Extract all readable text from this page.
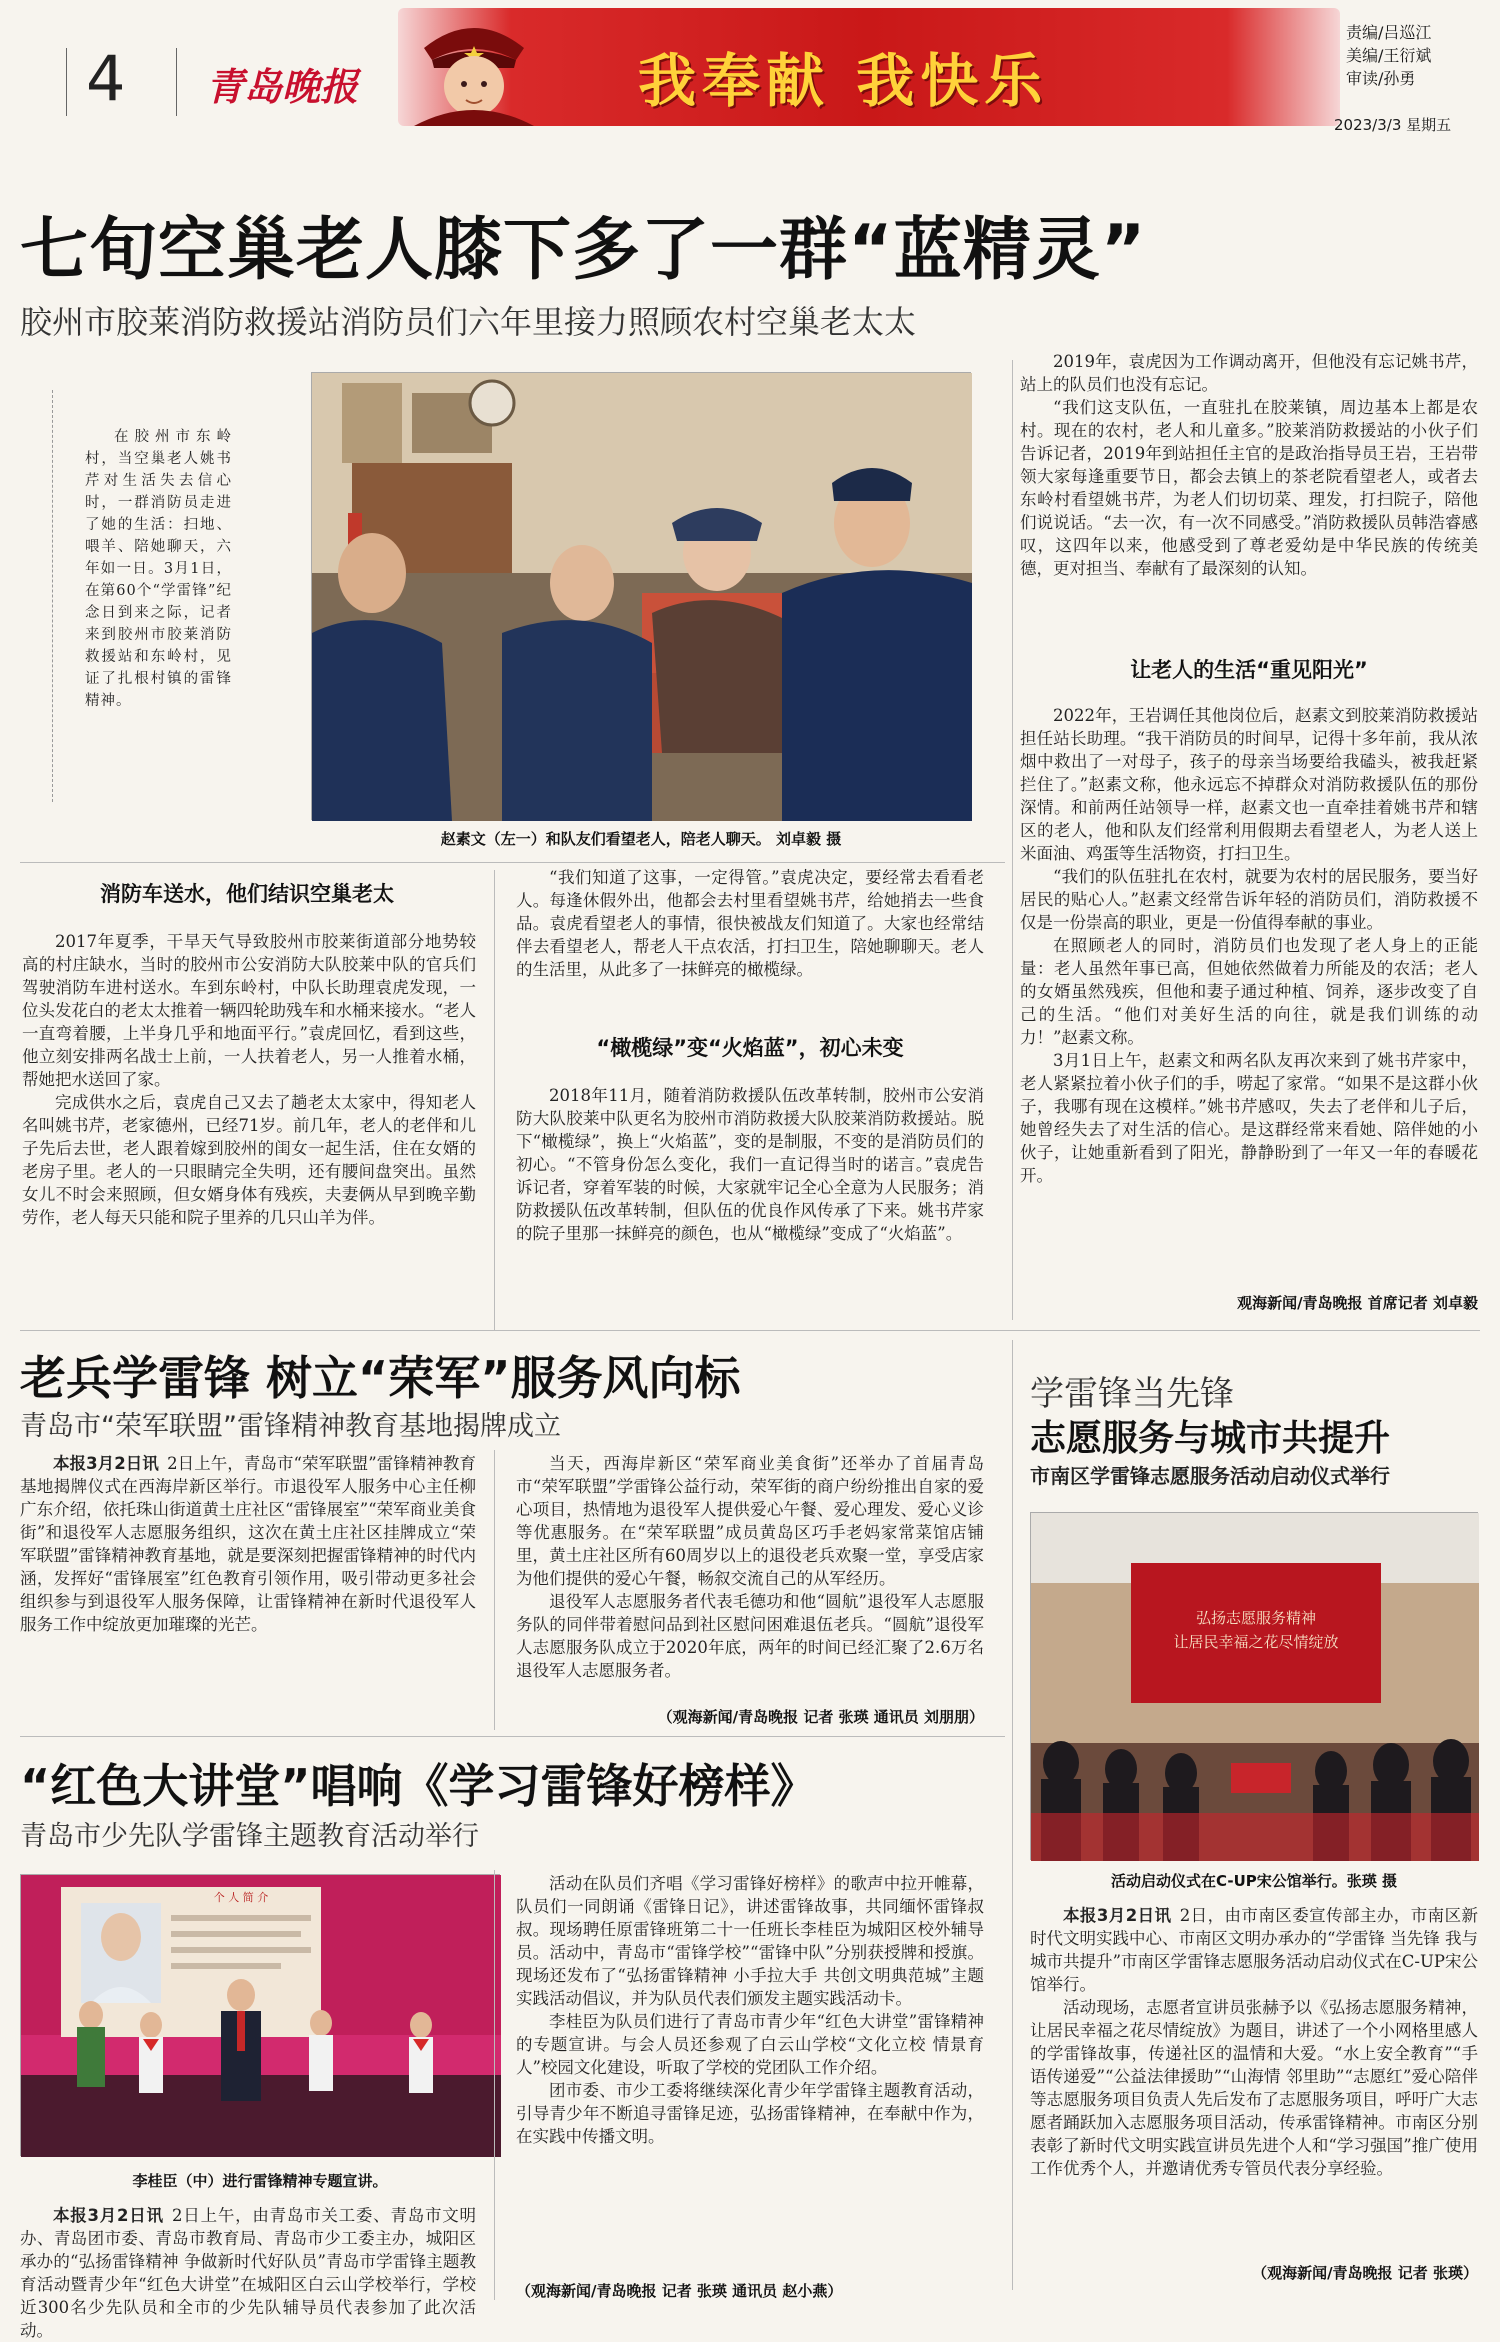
4 青岛晚报	我奉献 我快乐
责编/吕巡江
美编/王衍斌
审读/孙勇
2023/3/3 星期五
七旬空巢老人膝下多了一群“蓝精灵”
胶州市胶莱消防救援站消防员们六年里接力照顾农村空巢老太太
在胶州市东岭村，当空巢老人姚书芹对生活失去信心时，一群消防员走进了她的生活：扫地、喂羊、陪她聊天，六年如一日。3月1日，在第60个“学雷锋”纪念日到来之际，记者来到胶州市胶莱消防救援站和东岭村，见证了扎根村镇的雷锋精神。
赵素文（左一）和队友们看望老人，陪老人聊天。 刘卓毅 摄
消防车送水，他们结识空巢老太

2017年夏季，干旱天气导致胶州市胶莱街道部分地势较高的村庄缺水，当时的胶州市公安消防大队胶莱中队的官兵们驾驶消防车进村送水。车到东岭村，中队长助理袁虎发现，一位头发花白的老太太推着一辆四轮助残车和水桶来接水。“老人一直弯着腰，上半身几乎和地面平行。”袁虎回忆，看到这些，他立刻安排两名战士上前，一人扶着老人，另一人推着水桶，帮她把水送回了家。

完成供水之后，袁虎自己又去了趟老太太家中，得知老人名叫姚书芹，老家德州，已经71岁。前几年，老人的老伴和儿子先后去世，老人跟着嫁到胶州的闺女一起生活，住在女婿的老房子里。老人的一只眼睛完全失明，还有腰间盘突出。虽然女儿不时会来照顾，但女婿身体有残疾，夫妻俩从早到晚辛勤劳作，老人每天只能和院子里养的几只山羊为伴。

“我们知道了这事，一定得管。”袁虎决定，要经常去看看老人。每逢休假外出，他都会去村里看望姚书芹，给她捎去一些食品。袁虎看望老人的事情，很快被战友们知道了。大家也经常结伴去看望老人，帮老人干点农活，打扫卫生，陪她聊聊天。老人的生活里，从此多了一抹鲜亮的橄榄绿。

“橄榄绿”变“火焰蓝”，初心未变

2018年11月，随着消防救援队伍改革转制，胶州市公安消防大队胶莱中队更名为胶州市消防救援大队胶莱消防救援站。脱下“橄榄绿”，换上“火焰蓝”，变的是制服，不变的是消防员们的初心。“不管身份怎么变化，我们一直记得当时的诺言。”袁虎告诉记者，穿着军装的时候，大家就牢记全心全意为人民服务；消防救援队伍改革转制，但队伍的优良作风传承了下来。姚书芹家的院子里那一抹鲜亮的颜色，也从“橄榄绿”变成了“火焰蓝”。

2019年，袁虎因为工作调动离开，但他没有忘记姚书芹，站上的队员们也没有忘记。

“我们这支队伍，一直驻扎在胶莱镇，周边基本上都是农村。现在的农村，老人和儿童多。”胶莱消防救援站的小伙子们告诉记者，2019年到站担任主官的是政治指导员王岩，王岩带领大家每逢重要节日，都会去镇上的茶老院看望老人，或者去东岭村看望姚书芹，为老人们切切菜、理发，打扫院子，陪他们说说话。“去一次，有一次不同感受。”消防救援队员韩浩睿感叹，这四年以来，他感受到了尊老爱幼是中华民族的传统美德，更对担当、奉献有了最深刻的认知。

让老人的生活“重见阳光”

2022年，王岩调任其他岗位后，赵素文到胶莱消防救援站担任站长助理。“我干消防员的时间早，记得十多年前，我从浓烟中救出了一对母子，孩子的母亲当场要给我磕头，被我赶紧拦住了。”赵素文称，他永远忘不掉群众对消防救援队伍的那份深情。和前两任站领导一样，赵素文也一直牵挂着姚书芹和辖区的老人，他和队友们经常利用假期去看望老人，为老人送上米面油、鸡蛋等生活物资，打扫卫生。

“我们的队伍驻扎在农村，就要为农村的居民服务，要当好居民的贴心人。”赵素文经常告诉年轻的消防员们，消防救援不仅是一份崇高的职业，更是一份值得奉献的事业。

在照顾老人的同时，消防员们也发现了老人身上的正能量：老人虽然年事已高，但她依然做着力所能及的农活；老人的女婿虽然残疾，但他和妻子通过种植、饲养，逐步改变了自己的生活。“他们对美好生活的向往，就是我们训练的动力！”赵素文称。

3月1日上午，赵素文和两名队友再次来到了姚书芹家中，老人紧紧拉着小伙子们的手，唠起了家常。“如果不是这群小伙子，我哪有现在这模样。”姚书芹感叹，失去了老伴和儿子后，她曾经失去了对生活的信心。是这群经常来看她、陪伴她的小伙子，让她重新看到了阳光，静静盼到了一年又一年的春暖花开。

观海新闻/青岛晚报 首席记者 刘卓毅
老兵学雷锋 树立“荣军”服务风向标
青岛市“荣军联盟”雷锋精神教育基地揭牌成立

本报3月2日讯  2日上午，青岛市“荣军联盟”雷锋精神教育基地揭牌仪式在西海岸新区举行。市退役军人服务中心主任柳广东介绍，依托珠山街道黄土庄社区“雷锋展室”“荣军商业美食街”和退役军人志愿服务组织，这次在黄土庄社区挂牌成立“荣军联盟”雷锋精神教育基地，就是要深刻把握雷锋精神的时代内涵，发挥好“雷锋展室”红色教育引领作用，吸引带动更多社会组织参与到退役军人服务保障，让雷锋精神在新时代退役军人服务工作中绽放更加璀璨的光芒。

当天，西海岸新区“荣军商业美食街”还举办了首届青岛市“荣军联盟”学雷锋公益行动，荣军街的商户纷纷推出自家的爱心项目，热情地为退役军人提供爱心午餐、爱心理发、爱心义诊等优惠服务。在“荣军联盟”成员黄岛区巧手老妈家常菜馆店铺里，黄土庄社区所有60周岁以上的退役老兵欢聚一堂，享受店家为他们提供的爱心午餐，畅叙交流自己的从军经历。

退役军人志愿服务者代表毛德功和他“圆航”退役军人志愿服务队的同伴带着慰问品到社区慰问困难退伍老兵。“圆航”退役军人志愿服务队成立于2020年底，两年的时间已经汇聚了2.6万名退役军人志愿服务者。

（观海新闻/青岛晚报 记者 张瑛 通讯员 刘朋朋）
“红色大讲堂”唱响《学习雷锋好榜样》
青岛市少先队学雷锋主题教育活动举行
个 人 简 介
李桂臣（中）进行雷锋精神专题宣讲。

本报3月2日讯  2日上午，由青岛市关工委、青岛市文明办、青岛团市委、青岛市教育局、青岛市少工委主办，城阳区承办的“弘扬雷锋精神 争做新时代好队员”青岛市学雷锋主题教育活动暨青少年“红色大讲堂”在城阳区白云山学校举行，学校近300名少先队员和全市的少先队辅导员代表参加了此次活动。

活动在队员们齐唱《学习雷锋好榜样》的歌声中拉开帷幕，队员们一同朗诵《雷锋日记》，讲述雷锋故事，共同缅怀雷锋叔叔。现场聘任原雷锋班第二十一任班长李桂臣为城阳区校外辅导员。活动中，青岛市“雷锋学校”“雷锋中队”分别获授牌和授旗。现场还发布了“弘扬雷锋精神 小手拉大手 共创文明典范城”主题实践活动倡议，并为队员代表们颁发主题实践活动卡。

李桂臣为队员们进行了青岛市青少年“红色大讲堂”雷锋精神的专题宣讲。与会人员还参观了白云山学校“文化立校 情景育人”校园文化建设，听取了学校的党团队工作介绍。

团市委、市少工委将继续深化青少年学雷锋主题教育活动，引导青少年不断追寻雷锋足迹，弘扬雷锋精神，在奉献中作为，在实践中传播文明。

（观海新闻/青岛晚报 记者 张瑛 通讯员 赵小燕）
学雷锋当先锋
志愿服务与城市共提升
市南区学雷锋志愿服务活动启动仪式举行
弘扬志愿服务精神
让居民幸福之花尽情绽放
活动启动仪式在C-UP宋公馆举行。张瑛 摄

本报3月2日讯  2日，由市南区委宣传部主办，市南区新时代文明实践中心、市南区文明办承办的“学雷锋 当先锋 我与城市共提升”市南区学雷锋志愿服务活动启动仪式在C-UP宋公馆举行。

活动现场，志愿者宣讲员张赫予以《弘扬志愿服务精神，让居民幸福之花尽情绽放》为题目，讲述了一个小网格里感人的学雷锋故事，传递社区的温情和大爱。“水上安全教育”“手语传递爱”“公益法律援助”“山海情 邻里助”“志愿红”爱心陪伴等志愿服务项目负责人先后发布了志愿服务项目，呼吁广大志愿者踊跃加入志愿服务项目活动，传承雷锋精神。市南区分别表彰了新时代文明实践宣讲员先进个人和“学习强国”推广使用工作优秀个人，并邀请优秀专管员代表分享经验。

（观海新闻/青岛晚报 记者 张瑛）
